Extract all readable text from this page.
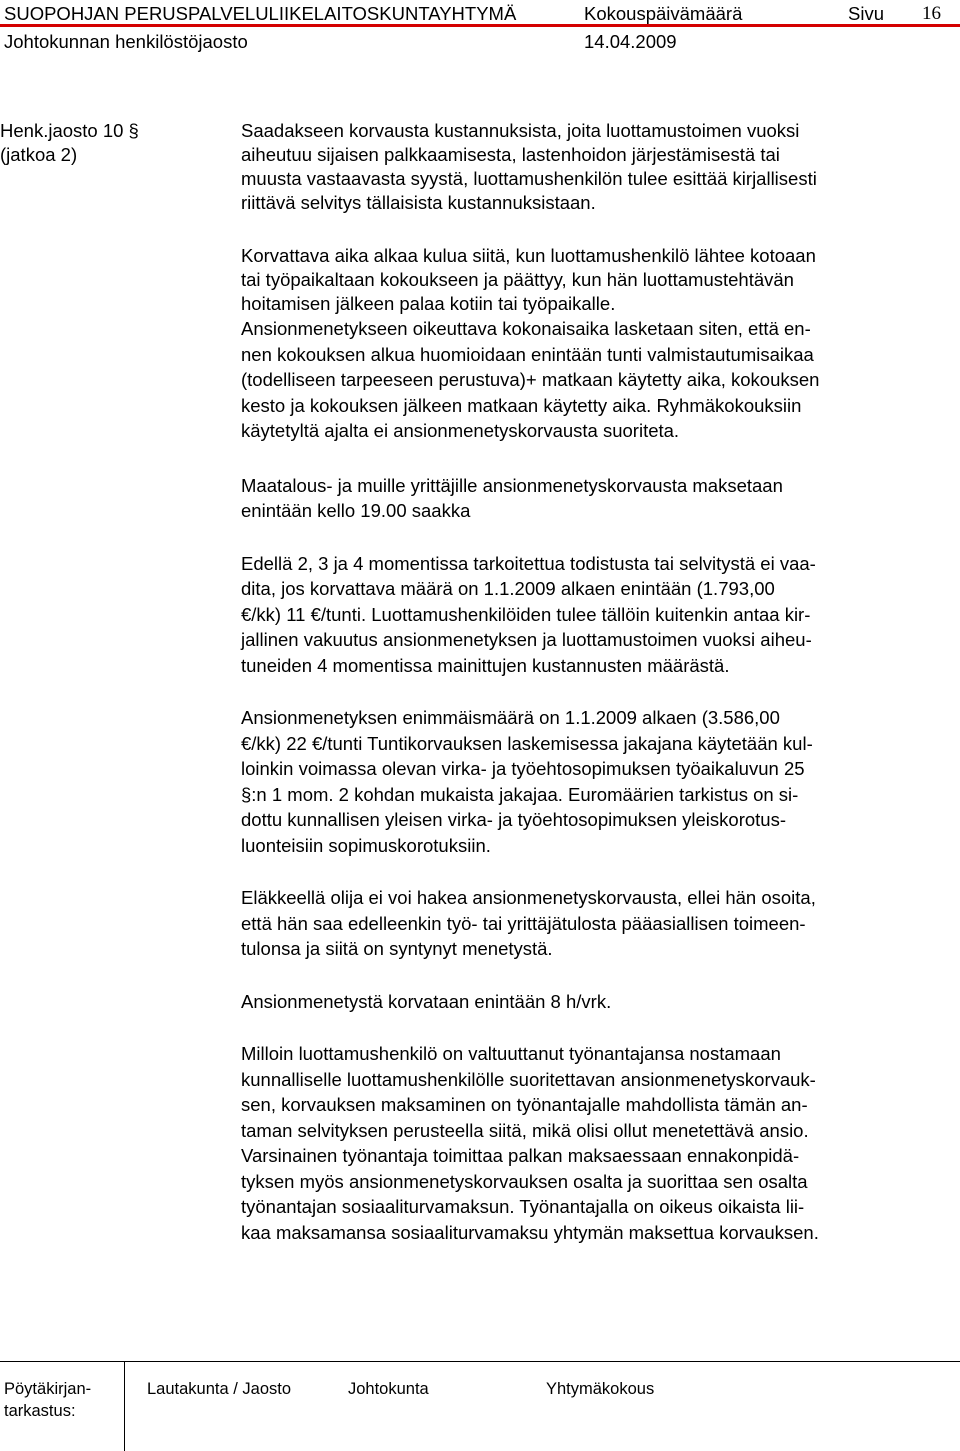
SUOPOHJAN PERUSPALVELULIIKELAITOSKUNTAYHTYMÄ	Kokouspäivämäärä	Sivu 16
Johtokunnan henkilöstöjaosto	14.04.2009
Henk.jaosto 10 §
(jatkoa 2)
Saadakseen korvausta kustannuksista, joita luottamustoimen vuoksi
aiheutuu sijaisen palkkaamisesta, lastenhoidon järjestämisestä tai
muusta vastaavasta syystä, luottamushenkilön tulee esittää kirjallisesti
riittävä selvitys tällaisista kustannuksistaan.
Korvattava aika alkaa kulua siitä, kun luottamushenkilö lähtee kotoaan
tai työpaikaltaan kokoukseen ja päättyy, kun hän luottamustehtävän
hoitamisen jälkeen palaa kotiin tai työpaikalle.
Ansionmenetykseen oikeuttava kokonaisaika lasketaan siten, että en-
nen kokouksen alkua huomioidaan enintään tunti valmistautumisaikaa
(todelliseen tarpeeseen perustuva)+ matkaan käytetty aika, kokouksen
kesto ja kokouksen jälkeen matkaan käytetty aika. Ryhmäkokouksiin
käytetyltä ajalta ei ansionmenetyskorvausta suoriteta.
Maatalous- ja muille yrittäjille ansionmenetyskorvausta maksetaan
enintään kello 19.00 saakka
Edellä 2, 3 ja 4 momentissa tarkoitettua todistusta tai selvitystä ei vaa-
dita, jos korvattava määrä on 1.1.2009 alkaen enintään (1.793,00
€/kk) 11 €/tunti. Luottamushenkilöiden tulee tällöin kuitenkin antaa kir-
jallinen vakuutus ansionmenetyksen ja luottamustoimen vuoksi aiheu-
tuneiden 4 momentissa mainittujen kustannusten määrästä.
Ansionmenetyksen enimmäismäärä on 1.1.2009 alkaen (3.586,00
€/kk) 22 €/tunti Tuntikorvauksen laskemisessa jakajana käytetään kul-
loinkin voimassa olevan virka- ja työehtosopimuksen työaikaluvun 25
§:n 1 mom. 2 kohdan mukaista jakajaa. Euromäärien tarkistus on si-
dottu kunnallisen yleisen virka- ja työehtosopimuksen yleiskorotus-
luonteisiin sopimuskorotuksiin.
Eläkkeellä olija ei voi hakea ansionmenetyskorvausta, ellei hän osoita,
että hän saa edelleenkin työ- tai yrittäjätulosta pääasiallisen toimeen-
tulonsa ja siitä on syntynyt menetystä.
Ansionmenetystä korvataan enintään 8 h/vrk.
Milloin luottamushenkilö on valtuuttanut työnantajansa nostamaan
kunnalliselle luottamushenkilölle suoritettavan ansionmenetyskorvauk-
sen, korvauksen maksaminen on työnantajalle mahdollista tämän an-
taman selvityksen perusteella siitä, mikä olisi ollut menetettävä ansio.
Varsinainen työnantaja toimittaa palkan maksaessaan ennakonpidä-
tyksen myös ansionmenetyskorvauksen osalta ja suorittaa sen osalta
työnantajan sosiaaliturvamaksun. Työnantajalla on oikeus oikaista lii-
kaa maksamansa sosiaaliturvamaksu yhtymän maksettua korvauksen.
Pöytäkirjan-
tarkastus:
Lautakunta / Jaosto	Johtokunta	Yhtymäkokous
